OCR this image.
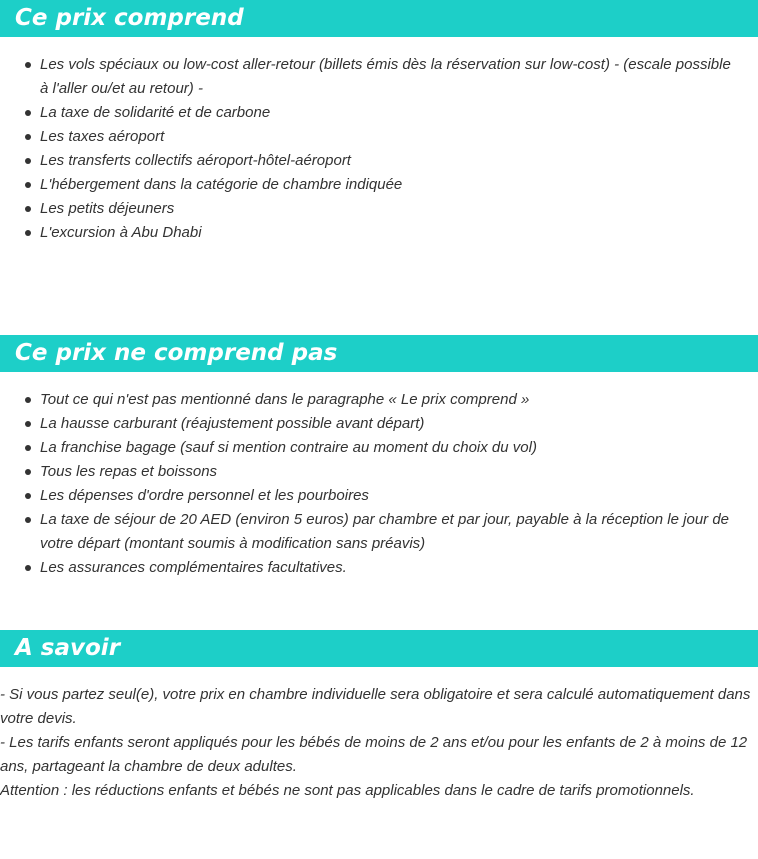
Ce prix comprend
Les vols spéciaux ou low-cost aller-retour (billets émis dès la réservation sur low-cost) - (escale possible à l'aller ou/et au retour) -
La taxe de solidarité et de carbone
Les taxes aéroport
Les transferts collectifs aéroport-hôtel-aéroport
L'hébergement dans la catégorie de chambre indiquée
Les petits déjeuners
L'excursion à Abu Dhabi
Ce prix ne comprend pas
Tout ce qui n'est pas mentionné dans le paragraphe « Le prix comprend »
La hausse carburant (réajustement possible avant départ)
La franchise bagage (sauf si mention contraire au moment du choix du vol)
Tous les repas et boissons
Les dépenses d'ordre personnel et les pourboires
La taxe de séjour de 20 AED (environ 5 euros) par chambre et par jour, payable à la réception le jour de votre départ (montant soumis à modification sans préavis)
Les assurances complémentaires facultatives.
A savoir

- Si vous partez seul(e), votre prix en chambre individuelle sera obligatoire et sera calculé automatiquement dans votre devis.

- Les tarifs enfants seront appliqués pour les bébés de moins de 2 ans et/ou pour les enfants de 2 à moins de 12 ans, partageant la chambre de deux adultes.

Attention : les réductions enfants et bébés ne sont pas applicables dans le cadre de tarifs promotionnels.
